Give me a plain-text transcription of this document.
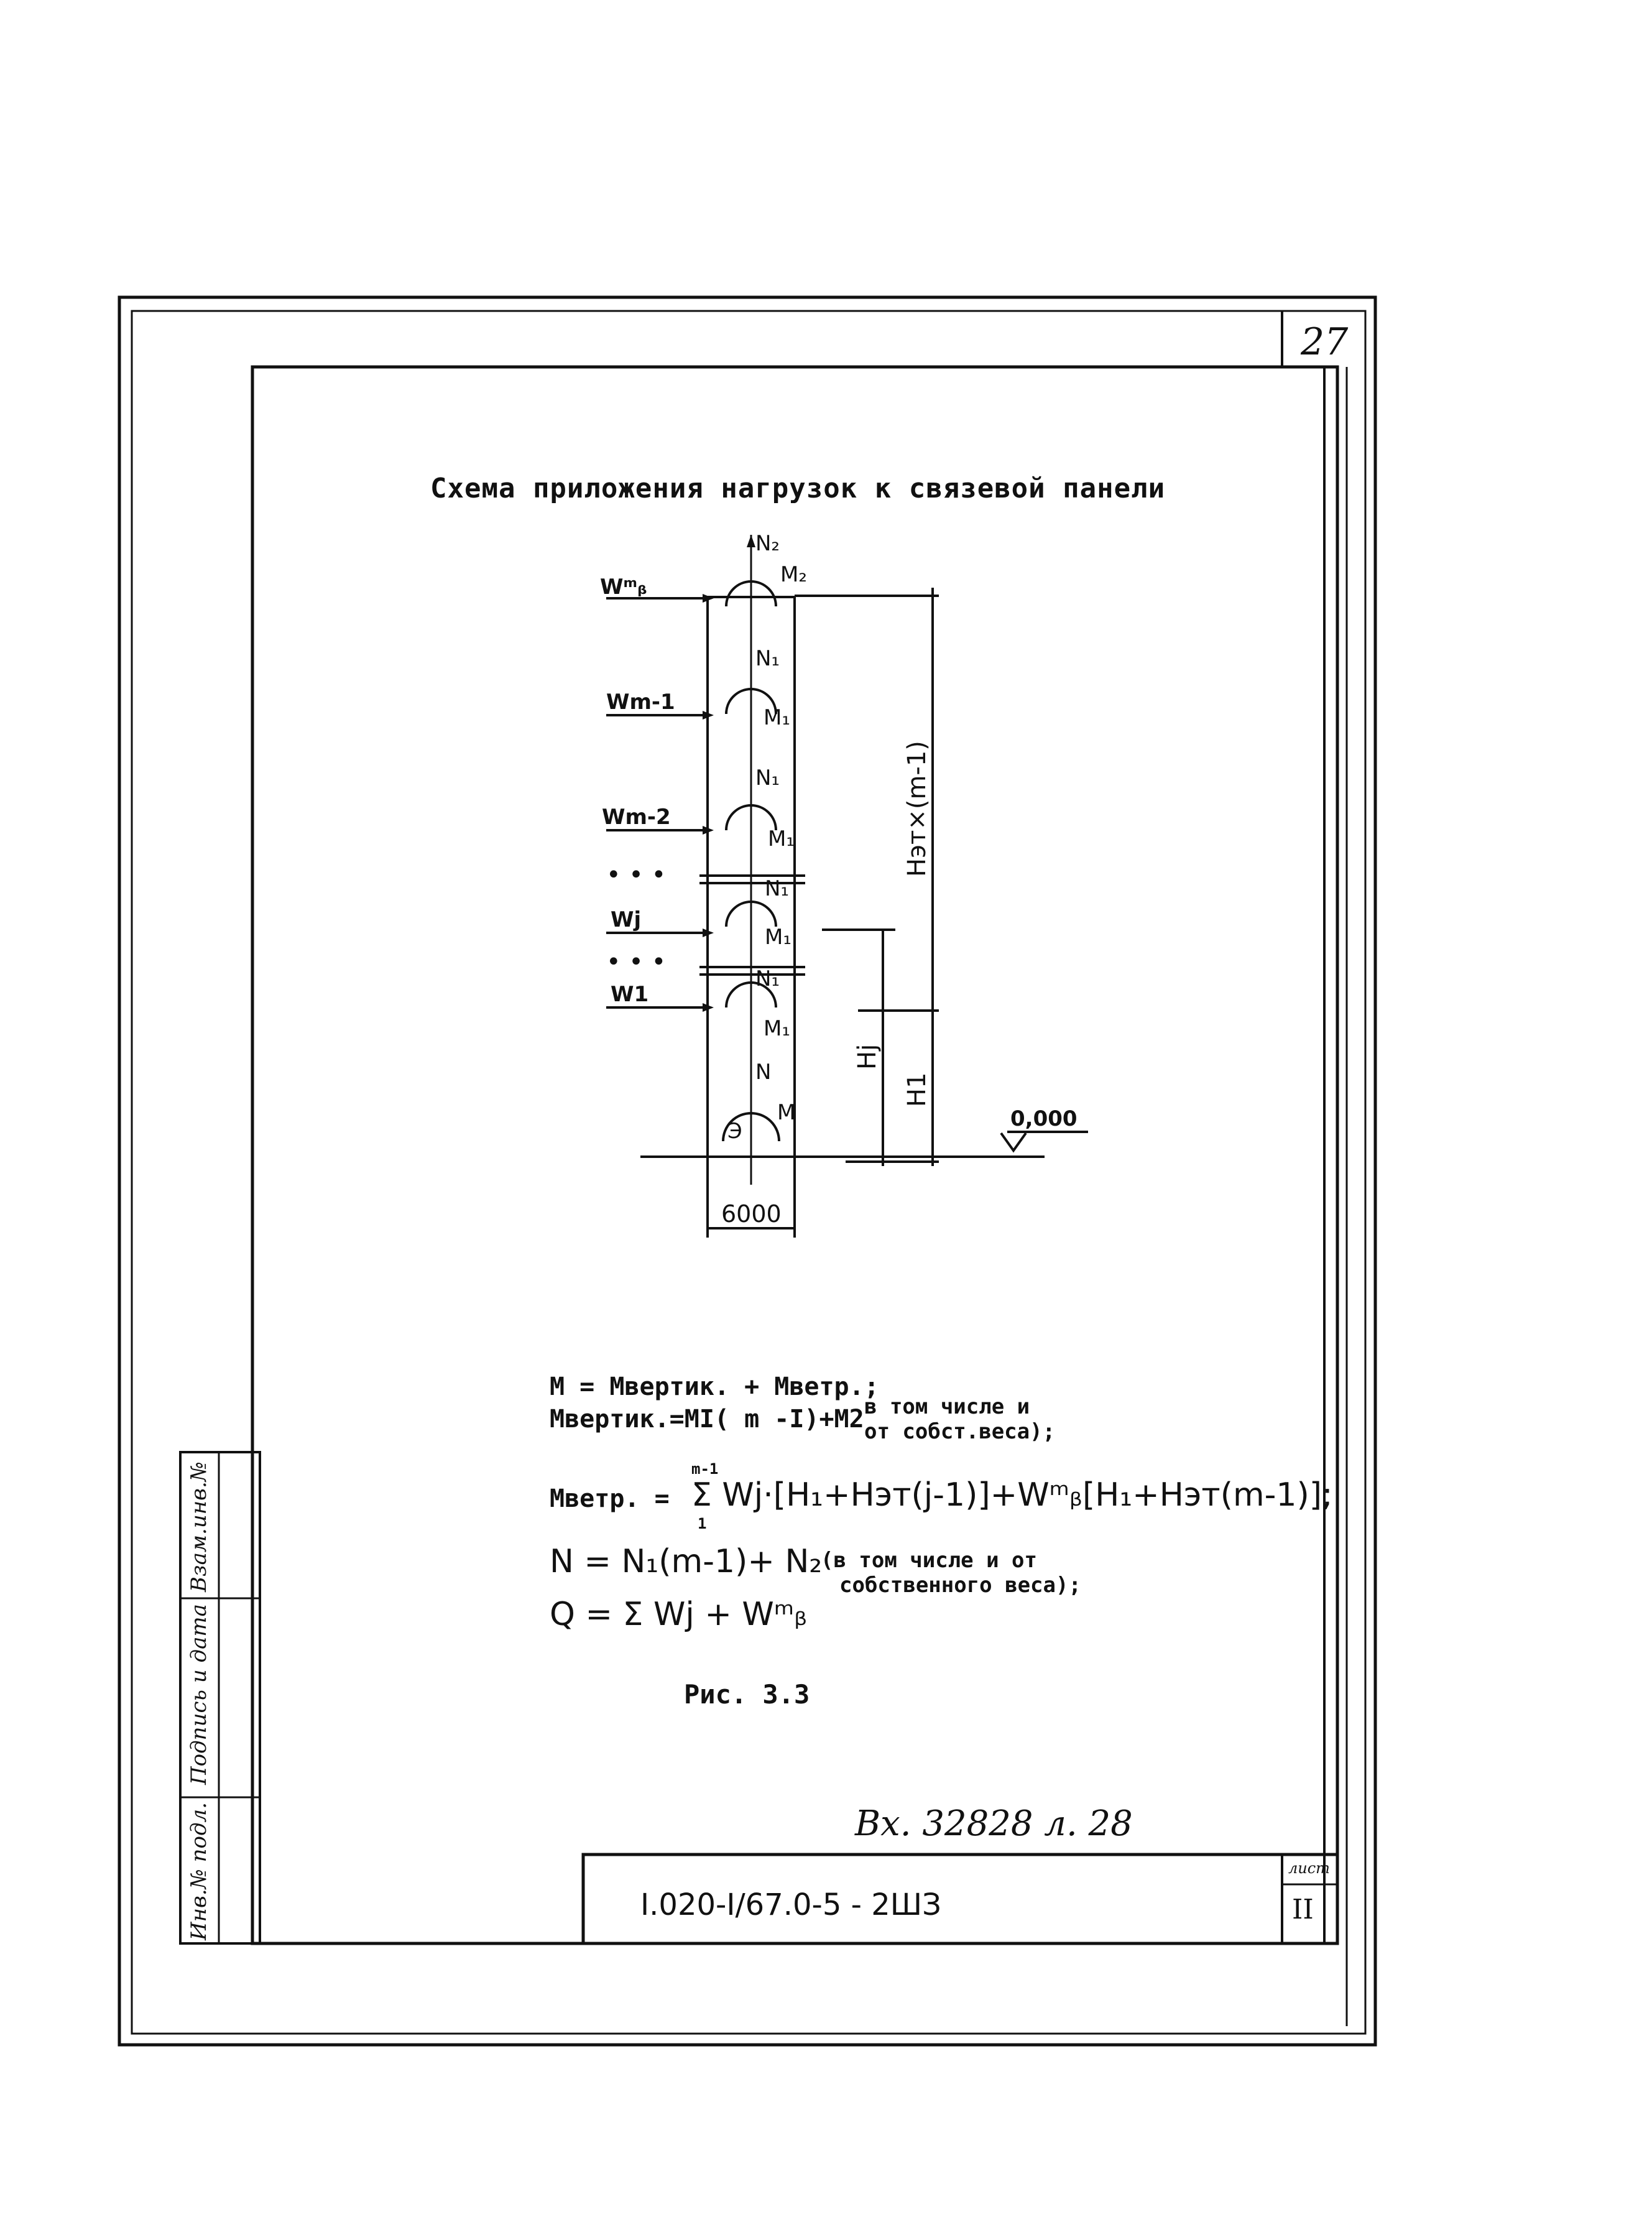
27
Схема приложения нагрузок к связевой панели
Wᵐᵦ
Wm-1
Wm-2
Wj
W1
N₂
M₂
N₁
N₁
N₁
N₁
N
M₁
M₁
M₁
M₁
M
Э
• • •
• • •
0,000
6000
Hэт×(m-1)
Hj
H1
М = Мвертик. + Мветр.;
Мвертик.=МI( m -I)+М2 в том числе и
от собст.веса);
Мветр. =
m-1
Σ Wj·[H₁+Hэт(j-1)]+Wᵐᵦ[H₁+Hэт(m-1)];
1
N = N₁(m-1)+ N₂
(в том числе и от
собственного веса);
Q = Σ Wj + Wᵐᵦ
Рис. 3.3
Вх. 32828 л. 28
I.020-I/67.0-5 - 2ШЗ
лист
II
Взам.инв.№
Подпись и дата
Инв.№ подл.
